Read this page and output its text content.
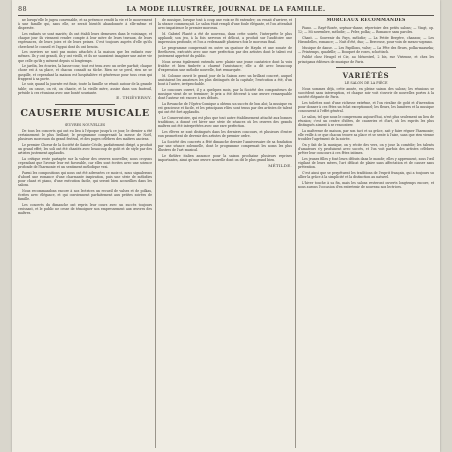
88	LA MODE ILLUSTRÉE, JOURNAL DE LA FAMILLE.

ne lorsqu'elle le jugea convenable, et sa présence rendit la vie et le mouvement à une famille qui, sans elle, se serait bientôt abandonnée à elle-même et dispersée.

Les enfants se sont mariés; ils ont établi leurs demeures dans le voisinage, et chaque jour ils viennent rendre compte à leur mère de leurs travaux, de leurs espérances, de leurs joies et de leurs peines. C'est toujours auprès d'elle qu'ils cherchent le conseil et l'appui dont ils ont besoin.

Les ouvriers ne sont pas moins attachés à la maison que les enfants eux-mêmes. Ils y ont grandi, ils y ont vieilli, et ils ne sauraient imaginer une autre vie que celle qu'ils y mènent depuis si longtemps.

Le jardin, les écuries, la basse-cour, tout est tenu avec un ordre parfait; chaque chose est à sa place, et chacun connaît sa tâche. Rien ne se perd, rien ne se gaspille, et cependant la maison est hospitalière et généreuse pour tous ceux qui frappent à sa porte.

Le soir, quand la journée est finie, toute la famille se réunit autour de la grande table; on cause, on rit, on chante, et la vieille mère, assise dans son fauteuil, préside à ces réunions avec une bonté souriante.

E. THIÉVERNY.
CAUSERIE MUSICALE
ŒUVRES NOUVELLES

De tous les concerts qui ont eu lieu à l'époque jusqu'à ce jour, le dernier a été certainement le plus brillant; le programme comprenait la messe de Noël, plusieurs morceaux du grand festival, et des pages célèbres des maîtres anciens.

Le premier Chœur de la Société de Sainte-Cécile, parfaitement dirigé, a produit un grand effet; les soli ont été chantés avec beaucoup de goût et de style par des artistes justement applaudis.

La critique reste partagée sur la valeur des œuvres nouvelles; nous croyons cependant que l'avenir leur est favorable, car elles sont écrites avec une science profonde de l'harmonie et un sentiment mélodique vrai.

Parmi les compositions qui nous ont été adressées ce mois-ci, nous signalerons d'abord une romance d'une charmante inspiration, puis une série de mélodies pour chant et piano, d'une exécution facile, qui seront bien accueillies dans les salons.

Nous recommandons encore à nos lectrices un recueil de valses et de polkas, écrites avec élégance, et qui conviennent parfaitement aux petites soirées de famille.

Les concerts du dimanche ont repris leur cours avec un succès toujours croissant, et le public ne cesse de témoigner son empressement aux œuvres des maîtres.

de musique, lorsque tout à coup une voix se fit entendre; on venait d'arriver, et la séance commençait. Le salon était rempli d'une foule élégante, et l'on attendait avec impatience le premier morceau.

M. Gabriel Planté a été de nouveau, dans cette soirée, l'interprète le plus applaudi; son jeu, à la fois nerveux et délicat, a produit sur l'auditoire une impression profonde, et l'on a redemandé plusieurs fois le morceau final.

Le programme comprenait en outre un quatuor de Haydn et une sonate de Beethoven, exécutés avec une rare perfection par des artistes dont le talent est justement apprécié du public.

Nous avons également entendu avec plaisir une jeune cantatrice dont la voix fraîche et bien timbrée a charmé l'assistance; elle a dit avec beaucoup d'expression une mélodie nouvelle, fort remarquée.

M. Colonne ouvrit le grand jour de la Saison avec un brillant concert, auquel assistaient les amateurs les plus distingués de la capitale; l'exécution a été, d'un bout à l'autre, irréprochable.

Le concours ouvert, il y a quelques mois, par la Société des compositeurs de musique vient de se terminer; le prix a été décerné à une œuvre remarquable dont l'auteur est encore à ses débuts.

La Revanche de l'Opéra-Comique a obtenu un succès de bon aloi; la musique en est gracieuse et facile, et les principaux rôles sont tenus par des artistes de talent qui ont été fort applaudis.

Le Conservatoire, qui est plus que tout autre établissement attaché aux bonnes traditions, a donné cet hiver une série de séances où les œuvres des grands maîtres ont été interprétées avec une rare perfection.

Les élèves se sont distingués dans les derniers concours, et plusieurs d'entre eux promettent de devenir des artistes de premier ordre.

La Société des concerts a fêté dimanche dernier l'anniversaire de sa fondation par une séance solennelle, dont le programme comprenait les noms les plus illustres de l'art musical.

Le théâtre italien annonce pour la saison prochaine plusieurs reprises importantes, ainsi qu'une œuvre nouvelle dont on dit le plus grand bien.

MÉTILDE.
MORCEAUX RECOMMANDÉS

Piano. — Rayé-Rosée, septuor-danse, répertoire des petits salons; — Vingt, op. 12; — Mi novembre, mélodie; — Peler, polka; — Romance sans paroles.

Chant. — Souvenir du Pays, mélodie; — La Petite Bergère, chanson; — Les Hirondelles, romance; — Nuit d'été, duo; — Berceuse, pour voix de mezzo-soprano.

Musique de danse. — Les Papillons, valse; — La Fête des fleurs, polka-mazurka; — Printemps, quadrille; — Bouquet de roses, schottisch.

Publié chez Heugel et Cie, au Ménestrel, 2 bis, rue Vivienne, et chez les principaux éditeurs de musique de Paris.

VARIÉTÉS
LE SALON DE LA PIÈCE

Nous sommes déjà, cette année, en pleine saison des salons; les réunions se succèdent sans interruption, et chaque soir voit s'ouvrir de nouvelles portes à la société élégante de Paris.

Les toilettes sont d'une richesse extrême, et l'on rivalise de goût et d'invention pour donner à ces fêtes un éclat exceptionnel; les fleurs, les lumières et la musique concourent à l'effet général.

Le salon, tel que nous le comprenons aujourd'hui, n'est plus seulement un lieu de réunion; c'est un centre d'idées, de causeries et d'art, où les esprits les plus distingués aiment à se rencontrer.

La maîtresse de maison, par son tact et sa grâce, sait y faire régner l'harmonie; elle veille à ce que chacun trouve sa place et se sente à l'aise, sans que rien vienne troubler l'agrément de la soirée.

On y fait de la musique, on y récite des vers, on y joue la comédie; les talents d'amateurs s'y produisent avec succès, et l'on voit parfois des artistes célèbres prêter leur concours à ces fêtes intimes.

Les jeunes filles y font leurs débuts dans le monde; elles y apprennent, sous l'œil vigilant de leurs mères, l'art délicat de plaire sans affectation et de causer sans prétention.

C'est ainsi que se perpétuent les traditions de l'esprit français, qui a toujours su allier la grâce à la simplicité et la distinction au naturel.

L'hiver touche à sa fin, mais les salons resteront ouverts longtemps encore, et nous aurons l'occasion d'en entretenir de nouveau nos lectrices.
